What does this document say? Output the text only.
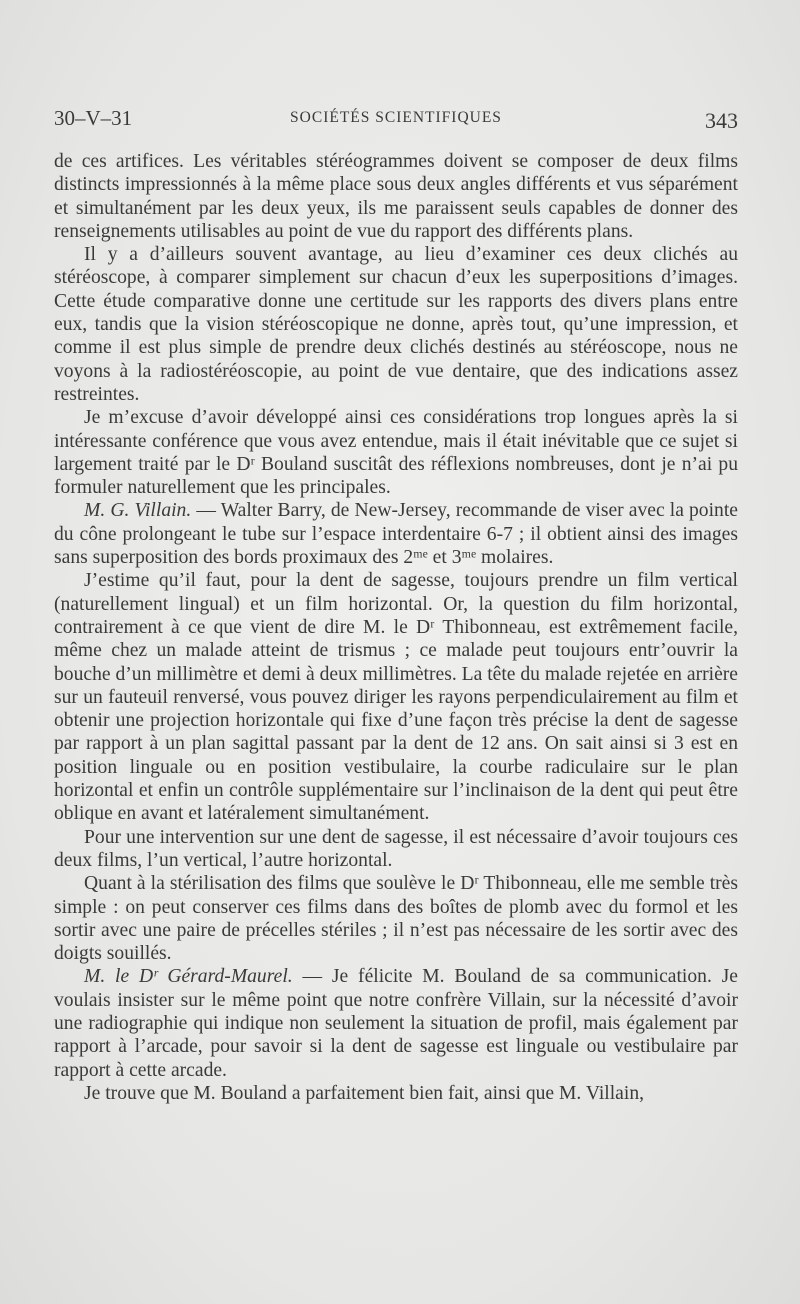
30–V–31	SOCIÉTÉS SCIENTIFIQUES	343

de ces artifices. Les véritables stéréogrammes doivent se composer de deux films distincts impressionnés à la même place sous deux angles différents et vus séparément et simultanément par les deux yeux, ils me paraissent seuls capables de donner des renseignements utilisables au point de vue du rapport des différents plans.

Il y a d’ailleurs souvent avantage, au lieu d’examiner ces deux clichés au stéréoscope, à comparer simplement sur chacun d’eux les superpositions d’images. Cette étude comparative donne une certitude sur les rapports des divers plans entre eux, tandis que la vision stéréoscopique ne donne, après tout, qu’une impression, et comme il est plus simple de prendre deux clichés destinés au stéréoscope, nous ne voyons à la radiostéréoscopie, au point de vue dentaire, que des indications assez restreintes.

Je m’excuse d’avoir développé ainsi ces considérations trop longues après la si intéressante conférence que vous avez entendue, mais il était inévitable que ce sujet si largement traité par le Dʳ Bouland suscitât des réflexions nombreuses, dont je n’ai pu formuler naturellement que les principales.

M. G. Villain. — Walter Barry, de New-Jersey, recommande de viser avec la pointe du cône prolongeant le tube sur l’espace interdentaire 6-7 ; il obtient ainsi des images sans superposition des bords proximaux des 2ᵐᵉ et 3ᵐᵉ molaires.

J’estime qu’il faut, pour la dent de sagesse, toujours prendre un film vertical (naturellement lingual) et un film horizontal. Or, la question du film horizontal, contrairement à ce que vient de dire M. le Dʳ Thibonneau, est extrêmement facile, même chez un malade atteint de trismus ; ce malade peut toujours entr’ouvrir la bouche d’un millimètre et demi à deux millimètres. La tête du malade rejetée en arrière sur un fauteuil renversé, vous pouvez diriger les rayons perpendiculairement au film et obtenir une projection horizontale qui fixe d’une façon très précise la dent de sagesse par rapport à un plan sagittal passant par la dent de 12 ans. On sait ainsi si 3 est en position linguale ou en position vestibulaire, la courbe radiculaire sur le plan horizontal et enfin un contrôle supplémentaire sur l’inclinaison de la dent qui peut être oblique en avant et latéralement simultanément.

Pour une intervention sur une dent de sagesse, il est nécessaire d’avoir toujours ces deux films, l’un vertical, l’autre horizontal.

Quant à la stérilisation des films que soulève le Dʳ Thibonneau, elle me semble très simple : on peut conserver ces films dans des boîtes de plomb avec du formol et les sortir avec une paire de précelles stériles ; il n’est pas nécessaire de les sortir avec des doigts souillés.

M. le Dʳ Gérard-Maurel. — Je félicite M. Bouland de sa communication. Je voulais insister sur le même point que notre confrère Villain, sur la nécessité d’avoir une radiographie qui indique non seulement la situation de profil, mais également par rapport à l’arcade, pour savoir si la dent de sagesse est linguale ou vestibulaire par rapport à cette arcade.

Je trouve que M. Bouland a parfaitement bien fait, ainsi que M. Villain,
